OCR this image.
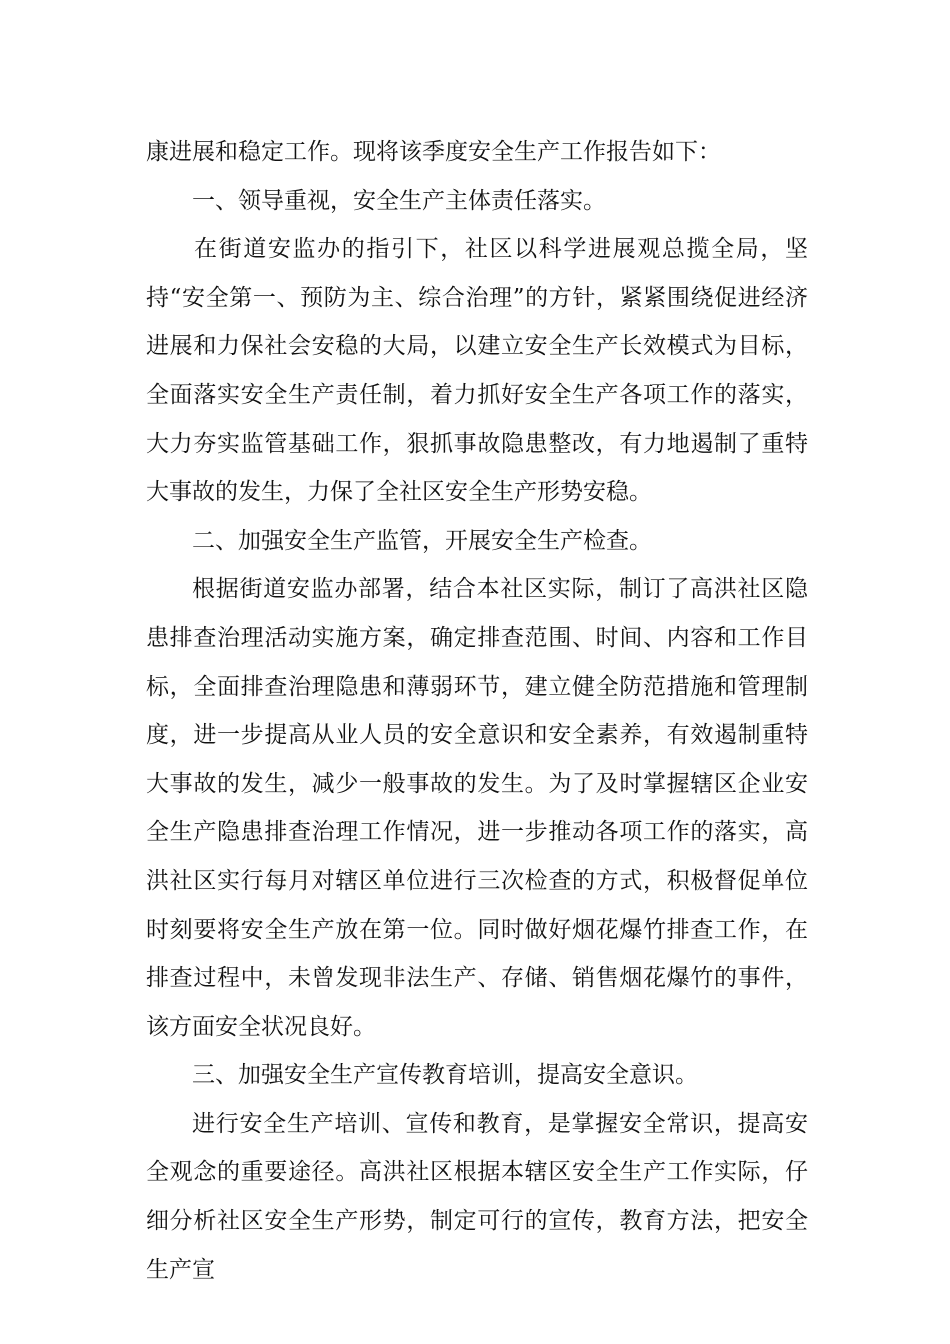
康进展和稳定工作。现将该季度安全生产工作报告如下：

一、领导重视，安全生产主体责任落实。

在街道安监办的指引下，社区以科学进展观总揽全局，坚持“安全第一、预防为主、综合治理”的方针，紧紧围绕促进经济进展和力保社会安稳的大局，以建立安全生产长效模式为目标，全面落实安全生产责任制，着力抓好安全生产各项工作的落实，大力夯实监管基础工作，狠抓事故隐患整改，有力地遏制了重特大事故的发生，力保了全社区安全生产形势安稳。

二、加强安全生产监管，开展安全生产检查。

根据街道安监办部署，结合本社区实际，制订了高洪社区隐患排查治理活动实施方案，确定排查范围、时间、内容和工作目标，全面排查治理隐患和薄弱环节，建立健全防范措施和管理制度，进一步提高从业人员的安全意识和安全素养，有效遏制重特大事故的发生，减少一般事故的发生。为了及时掌握辖区企业安全生产隐患排查治理工作情况，进一步推动各项工作的落实，高洪社区实行每月对辖区单位进行三次检查的方式，积极督促单位时刻要将安全生产放在第一位。同时做好烟花爆竹排查工作，在排查过程中，未曾发现非法生产、存储、销售烟花爆竹的事件，该方面安全状况良好。

三、加强安全生产宣传教育培训，提高安全意识。

进行安全生产培训、宣传和教育，是掌握安全常识，提高安全观念的重要途径。高洪社区根据本辖区安全生产工作实际，仔细分析社区安全生产形势，制定可行的宣传，教育方法，把安全生产宣
